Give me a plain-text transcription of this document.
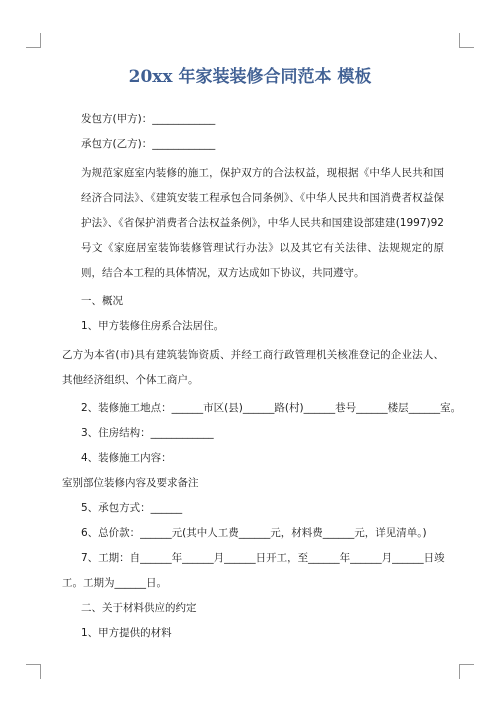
20xx 年家装装修合同范本 模板
发包方(甲方)：____________
承包方(乙方)：____________
为规范家庭室内装修的施工，保护双方的合法权益，现根据《中华人民共和国经济合同法》、《建筑安装工程承包合同条例》、《中华人民共和国消费者权益保护法》、《省保护消费者合法权益条例》，中华人民共和国建设部建建(1997)92 号文《家庭居室装饰装修管理试行办法》以及其它有关法律、法规规定的原则，结合本工程的具体情况，双方达成如下协议，共同遵守。
一、概况
1、甲方装修住房系合法居住。
乙方为本省(市)具有建筑装饰资质、并经工商行政管理机关核准登记的企业法人、其他经济组织、个体工商户。
2、装修施工地点：______市区(县)______路(村)______巷号______楼层______室。
3、住房结构：____________
4、装修施工内容：
室别部位装修内容及要求备注
5、承包方式：______
6、总价款：______元(其中人工费______元，材料费______元，详见清单。)
7、工期：自______年______月______日开工，至______年______月______日竣
工。工期为______日。
二、关于材料供应的约定
1、甲方提供的材料
